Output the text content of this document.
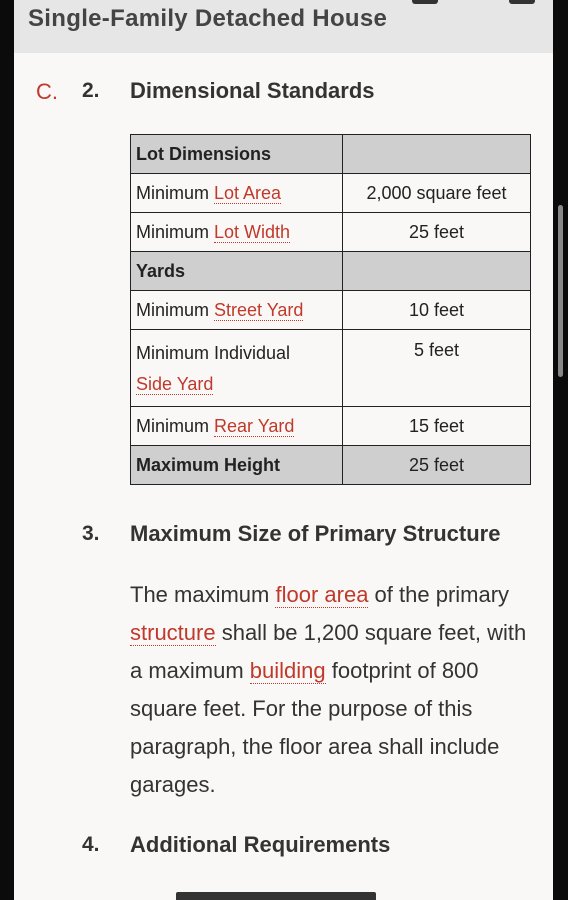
Single-Family Detached House
C. 2. Dimensional Standards
Lot Dimensions	
Minimum Lot Area	2,000 square feet
Minimum Lot Width	25 feet
Yards	
Minimum Street Yard	10 feet
Minimum Individual
Side Yard	5 feet
Minimum Rear Yard	15 feet
Maximum Height	25 feet
3. Maximum Size of Primary Structure
The maximum floor area of the primary structure shall be 1,200 square feet, with a maximum building footprint of 800 square feet. For the purpose of this paragraph, the floor area shall include garages.
4. Additional Requirements
